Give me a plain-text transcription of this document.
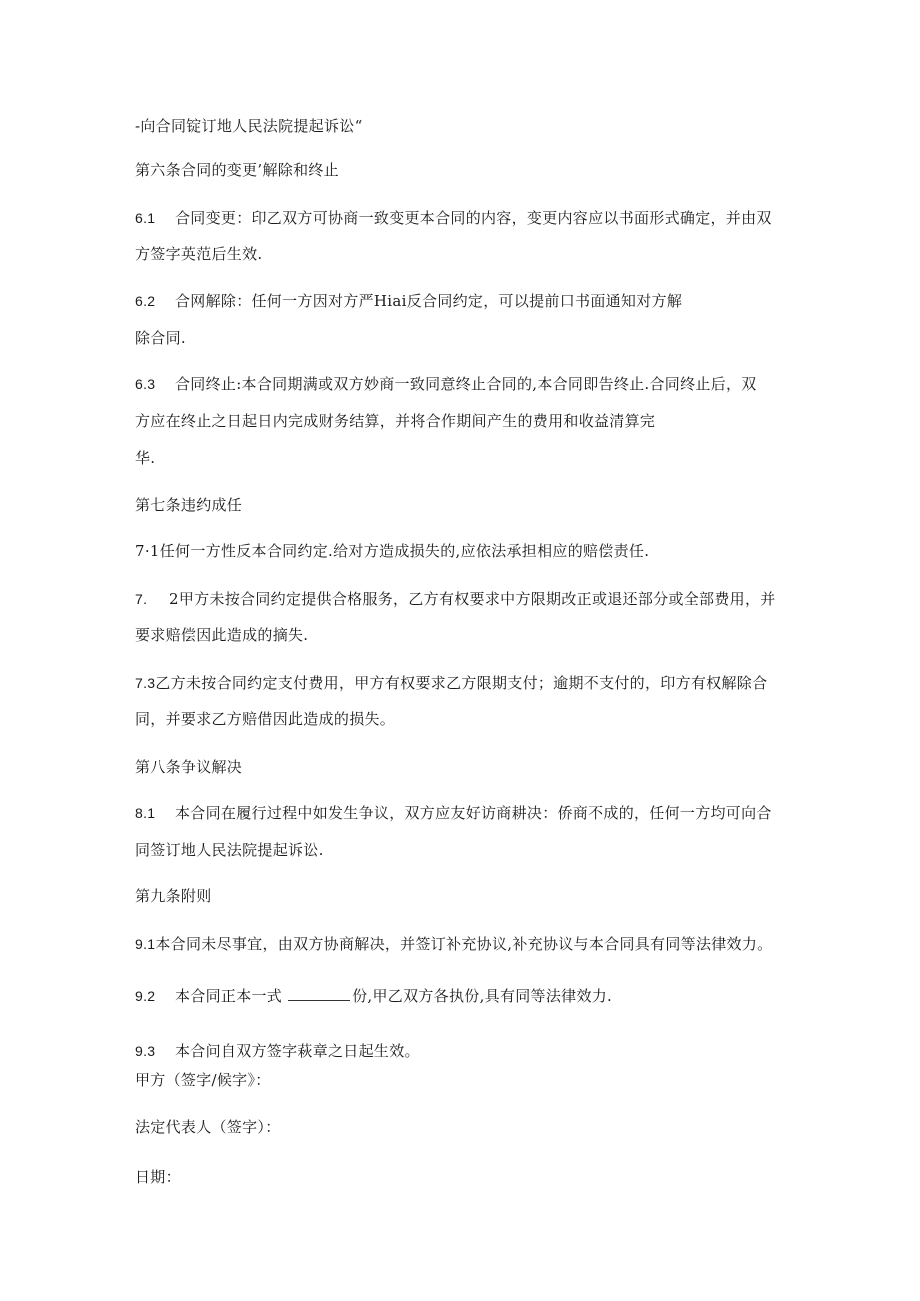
-向合同锭订地人民法院提起诉讼“
第六条合同的变更’解除和终止
6.1 合同变更：印乙双方可协商一致变更本合同的内容，变更内容应以书面形式确定，并由双
方签字英范后生效.
6.2 合网解除：任何一方因对方严Hiai反合同约定，可以提前口书面通知对方解
除合同.
6.3 合同终止:本合同期满或双方妙商一致同意终止合同的,本合同即告终止.合同终止后，双
方应在终止之日起日内完成财务结算，并将合作期间产生的费用和收益清算完
华.
第七条违约成任
7·1任何一方性反本合同约定.给对方造成损失的,应依法承担相应的赔偿责任.
7. 2甲方未按合同约定提供合格服务，乙方有权要求中方限期改正或退还部分或全部费用，并
要求赔偿因此造成的摘失.
7.3乙方未按合同约定支付费用，甲方有权要求乙方限期支付；逾期不支付的，印方有权解除合
同，并要求乙方赔借因此造成的损失。
第八条争议解决
8.1 本合同在履行过程中如发生争议，双方应友好访商耕决：侨商不成的，任何一方均可向合
同签订地人民法院提起诉讼.
第九条附则
9.1本合同未尽事宜，由双方协商解决，并签订补充协议,补充协议与本合同具有同等法律效力。
9.2 本合同正本一式	份,甲乙双方各执份,具有同等法律效力.
9.3 本合问自双方签字萩章之日起生效。
甲方（签字/候字》：
法定代表人（签字）：
日期：
